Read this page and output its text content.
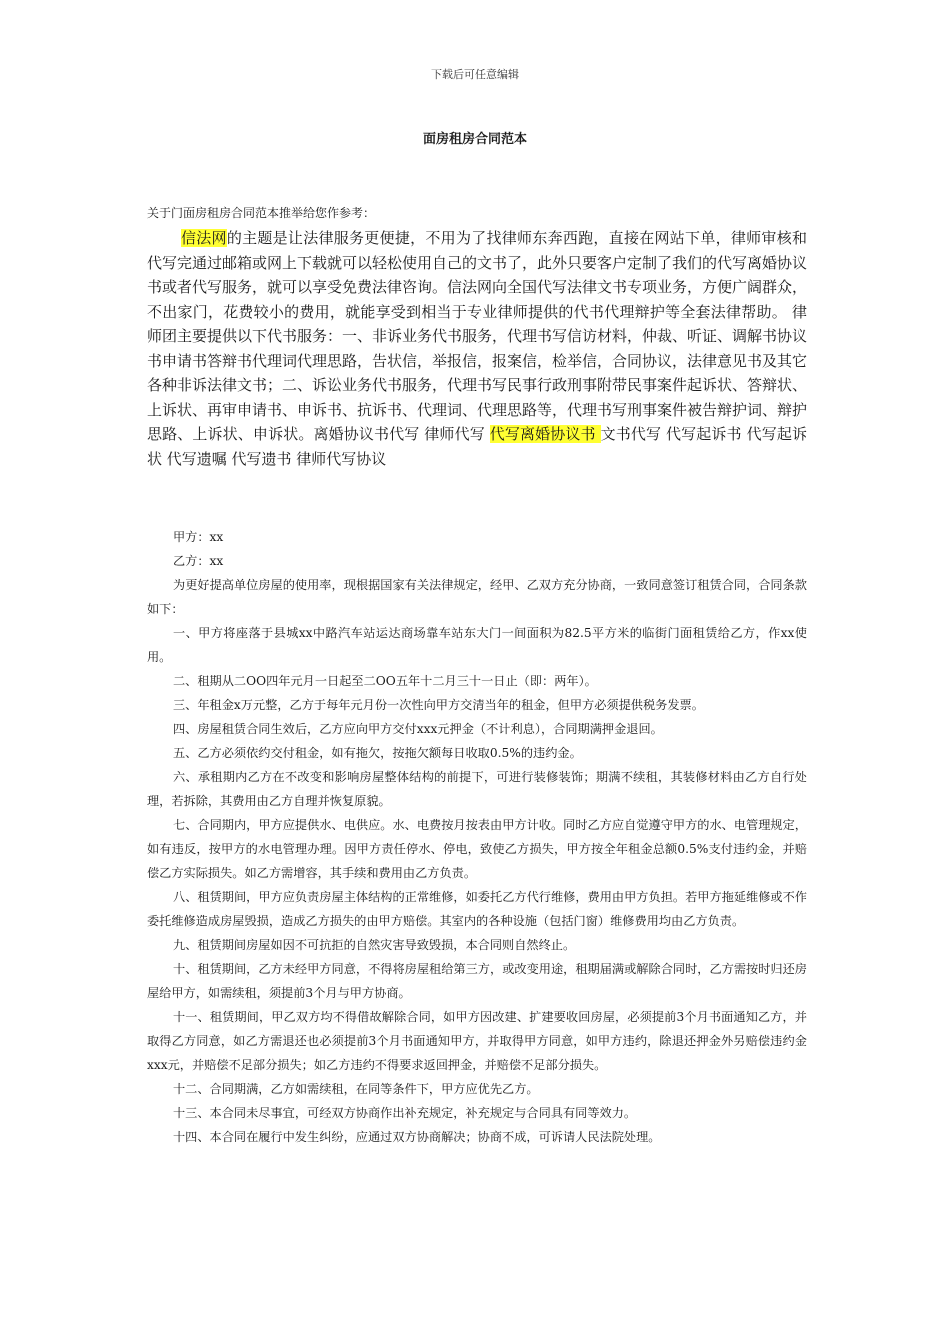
下载后可任意编辑
面房租房合同范本
关于门面房租房合同范本推举给您作参考：
信法网的主题是让法律服务更便捷，不用为了找律师东奔西跑，直接在网站下单，律师审核和代写完通过邮箱或网上下载就可以轻松使用自己的文书了，此外只要客户定制了我们的代写离婚协议书或者代写服务，就可以享受免费法律咨询。信法网向全国代写法律文书专项业务，方便广阔群众，不出家门，花费较小的费用，就能享受到相当于专业律师提供的代书代理辩护等全套法律帮助。 律师团主要提供以下代书服务：一、非诉业务代书服务，代理书写信访材料，仲裁、听证、调解书协议书申请书答辩书代理词代理思路，告状信，举报信，报案信，检举信，合同协议，法律意见书及其它各种非诉法律文书；二、诉讼业务代书服务，代理书写民事行政刑事附带民事案件起诉状、答辩状、上诉状、再审申请书、申诉书、抗诉书、代理词、代理思路等，代理书写刑事案件被告辩护词、辩护思路、上诉状、申诉状。离婚协议书代写 律师代写 代写离婚协议书 文书代写 代写起诉书 代写起诉状 代写遗嘱 代写遗书 律师代写协议

甲方：xx

乙方：xx

为更好提高单位房屋的使用率，现根据国家有关法律规定，经甲、乙双方充分协商，一致同意签订租赁合同，合同条款如下：

一、甲方将座落于县城xx中路汽车站运达商场靠车站东大门一间面积为82.5平方米的临街门面租赁给乙方，作xx使用。

二、租期从二OO四年元月一日起至二OO五年十二月三十一日止（即：两年）。

三、年租金x万元整，乙方于每年元月份一次性向甲方交清当年的租金，但甲方必须提供税务发票。

四、房屋租赁合同生效后，乙方应向甲方交付xxx元押金（不计利息），合同期满押金退回。

五、乙方必须依约交付租金，如有拖欠，按拖欠额每日收取0.5%的违约金。

六、承租期内乙方在不改变和影响房屋整体结构的前提下，可进行装修装饰；期满不续租，其装修材料由乙方自行处理，若拆除，其费用由乙方自理并恢复原貌。

七、合同期内，甲方应提供水、电供应。水、电费按月按表由甲方计收。同时乙方应自觉遵守甲方的水、电管理规定，如有违反，按甲方的水电管理办理。因甲方责任停水、停电，致使乙方损失，甲方按全年租金总额0.5%支付违约金，并赔偿乙方实际损失。如乙方需增容，其手续和费用由乙方负责。

八、租赁期间，甲方应负责房屋主体结构的正常维修，如委托乙方代行维修，费用由甲方负担。若甲方拖延维修或不作委托维修造成房屋毁损，造成乙方损失的由甲方赔偿。其室内的各种设施（包括门窗）维修费用均由乙方负责。

九、租赁期间房屋如因不可抗拒的自然灾害导致毁损，本合同则自然终止。

十、租赁期间，乙方未经甲方同意，不得将房屋租给第三方，或改变用途，租期届满或解除合同时，乙方需按时归还房屋给甲方，如需续租，须提前3个月与甲方协商。

十一、租赁期间，甲乙双方均不得借故解除合同，如甲方因改建、扩建要收回房屋，必须提前3个月书面通知乙方，并取得乙方同意，如乙方需退还也必须提前3个月书面通知甲方，并取得甲方同意，如甲方违约，除退还押金外另赔偿违约金xxx元，并赔偿不足部分损失；如乙方违约不得要求返回押金，并赔偿不足部分损失。

十二、合同期满，乙方如需续租，在同等条件下，甲方应优先乙方。

十三、本合同未尽事宜，可经双方协商作出补充规定，补充规定与合同具有同等效力。

十四、本合同在履行中发生纠纷，应通过双方协商解决；协商不成，可诉请人民法院处理。
